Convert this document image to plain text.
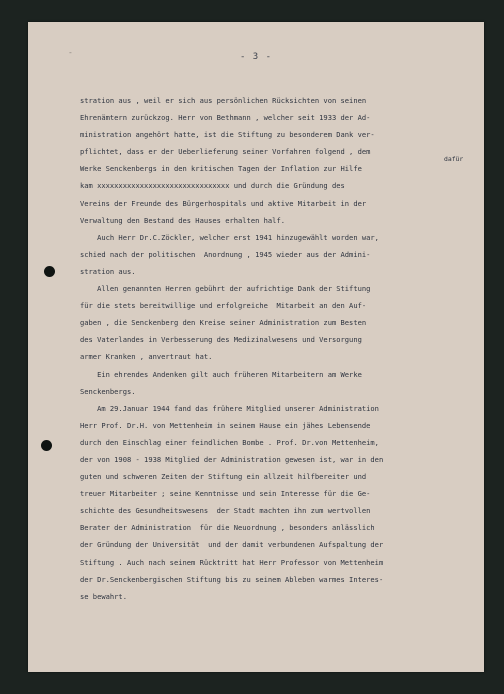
-	- 3 -
dafür
stration aus , weil er sich aus persönlichen Rücksichten von seinen
Ehrenämtern zurückzog. Herr von Bethmann , welcher seit 1933 der Ad-
ministration angehört hatte, ist die Stiftung zu besonderem Dank ver-
pflichtet, dass er der Ueberlieferung seiner Vorfahren folgend , dem
Werke Senckenbergs in den kritischen Tagen der Inflation zur Hilfe
kam xxxxxxxxxxxxxxxxxxxxxxxxxxxxxxx und durch die Gründung des
Vereins der Freunde des Bürgerhospitals und aktive Mitarbeit in der
Verwaltung den Bestand des Hauses erhalten half.
Auch Herr Dr.C.Zöckler, welcher erst 1941 hinzugewählt worden war,
schied nach der politischen  Anordnung , 1945 wieder aus der Admini-
stration aus.
Allen genannten Herren gebührt der aufrichtige Dank der Stiftung
für die stets bereitwillige und erfolgreiche  Mitarbeit an den Auf-
gaben , die Senckenberg den Kreise seiner Administration zum Besten
des Vaterlandes in Verbesserung des Medizinalwesens und Versorgung
armer Kranken , anvertraut hat.
Ein ehrendes Andenken gilt auch früheren Mitarbeitern am Werke
Senckenbergs.
Am 29.Januar 1944 fand das frühere Mitglied unserer Administration
Herr Prof. Dr.H. von Mettenheim in seinem Hause ein jähes Lebensende
durch den Einschlag einer feindlichen Bombe . Prof. Dr.von Mettenheim,
der von 1908 - 1938 Mitglied der Administration gewesen ist, war in den
guten und schweren Zeiten der Stiftung ein allzeit hilfbereiter und
treuer Mitarbeiter ; seine Kenntnisse und sein Interesse für die Ge-
schichte des Gesundheitswesens  der Stadt machten ihn zum wertvollen
Berater der Administration  für die Neuordnung , besonders anlässlich
der Gründung der Universität  und der damit verbundenen Aufspaltung der
Stiftung . Auch nach seinem Rücktritt hat Herr Professor von Mettenheim
der Dr.Senckenbergischen Stiftung bis zu seinem Ableben warmes Interes-
se bewahrt.
